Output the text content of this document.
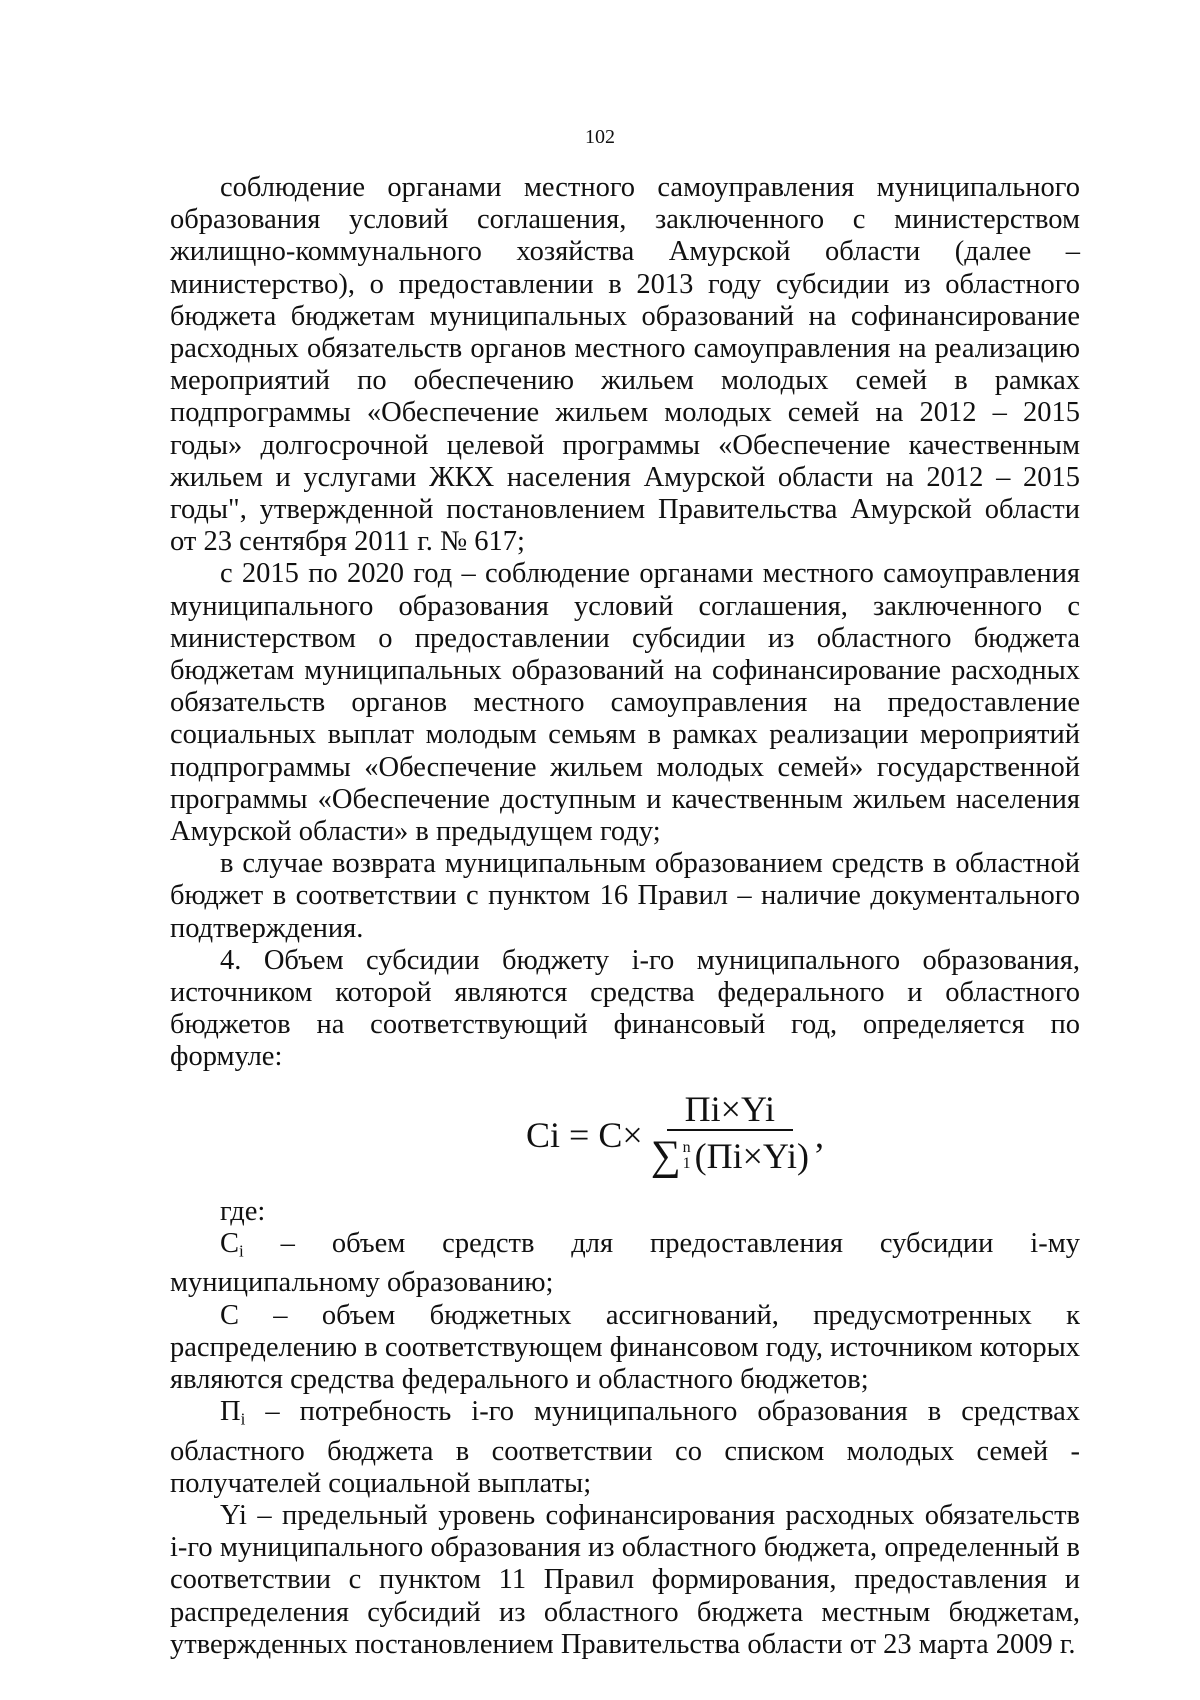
102

соблюдение органами местного самоуправления муниципального образования условий соглашения, заключенного с министерством жилищно-коммунального хозяйства Амурской области (далее – министерство), о предоставлении в 2013 году субсидии из областного бюджета бюджетам муниципальных образований на софинансирование расходных обязательств органов местного самоуправления на реализацию мероприятий по обеспечению жильем молодых семей в рамках подпрограммы «Обеспечение жильем молодых семей на 2012 – 2015 годы» долгосрочной целевой программы «Обеспечение качественным жильем и услугами ЖКХ населения Амурской области на 2012 – 2015 годы", утвержденной постановлением Правительства Амурской области от 23 сентября 2011 г. № 617;

с 2015 по 2020 год – соблюдение органами местного самоуправления муниципального образования условий соглашения, заключенного с министерством о предоставлении субсидии из областного бюджета бюджетам муниципальных образований на софинансирование расходных обязательств органов местного самоуправления на предоставление социальных выплат молодым семьям в рамках реализации мероприятий подпрограммы «Обеспечение жильем молодых семей» государственной программы «Обеспечение доступным и качественным жильем населения Амурской области» в предыдущем году;

в случае возврата муниципальным образованием средств в областной бюджет в соответствии с пунктом 16 Правил – наличие документального подтверждения.

4. Объем субсидии бюджету i-го муниципального образования, источником которой являются средства федерального и областного бюджетов на соответствующий финансовый год, определяется по формуле:

Ci = C×
Пi×Yi
∑ n
1 (Пi×Yi)
,

где:

$C_i$ – объем средств для предоставления субсидии i-му муниципальному образованию;

С – объем бюджетных ассигнований, предусмотренных к распределению в соответствующем финансовом году, источником которых являются средства федерального и областного бюджетов;

$П_i$ – потребность i-го муниципального образования в средствах областного бюджета в соответствии со списком молодых семей - получателей социальной выплаты;

Yi – предельный уровень софинансирования расходных обязательств i-го муниципального образования из областного бюджета, определенный в соответствии с пунктом 11 Правил формирования, предоставления и распределения субсидий из областного бюджета местным бюджетам, утвержденных постановлением Правительства области от 23 марта 2009 г.
